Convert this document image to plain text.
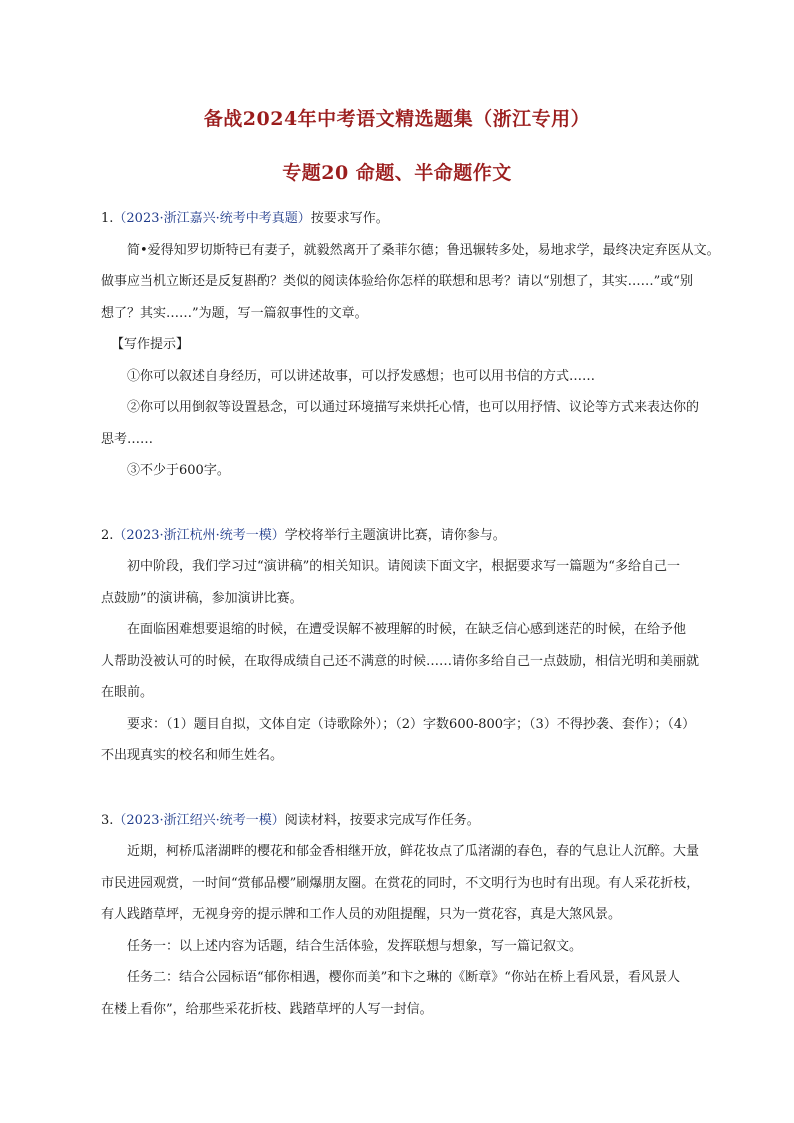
备战2024年中考语文精选题集（浙江专用）
专题20 命题、半命题作文
1.（2023·浙江嘉兴·统考中考真题）按要求写作。
简•爱得知罗切斯特已有妻子，就毅然离开了桑菲尔德；鲁迅辗转多处，易地求学，最终决定弃医从文。
做事应当机立断还是反复斟酌？类似的阅读体验给你怎样的联想和思考？请以“别想了，其实……”或“别
想了？其实……”为题，写一篇叙事性的文章。
【写作提示】
①你可以叙述自身经历，可以讲述故事，可以抒发感想；也可以用书信的方式……
②你可以用倒叙等设置悬念，可以通过环境描写来烘托心情，也可以用抒情、议论等方式来表达你的
思考……
③不少于600字。
2.（2023·浙江杭州·统考一模）学校将举行主题演讲比赛，请你参与。
初中阶段，我们学习过“演讲稿”的相关知识。请阅读下面文字，根据要求写一篇题为“多给自己一
点鼓励”的演讲稿，参加演讲比赛。
在面临困难想要退缩的时候，在遭受误解不被理解的时候，在缺乏信心感到迷茫的时候，在给予他
人帮助没被认可的时候，在取得成绩自己还不满意的时候……请你多给自己一点鼓励，相信光明和美丽就
在眼前。
要求：（1）题目自拟，文体自定（诗歌除外）；（2）字数600-800字；（3）不得抄袭、套作）；（4）
不出现真实的校名和师生姓名。
3.（2023·浙江绍兴·统考一模）阅读材料，按要求完成写作任务。
近期，柯桥瓜渚湖畔的樱花和郁金香相继开放，鲜花妆点了瓜渚湖的春色，春的气息让人沉醉。大量
市民进园观赏，一时间“赏郁品樱”刷爆朋友圈。在赏花的同时，不文明行为也时有出现。有人采花折枝，
有人践踏草坪，无视身旁的提示牌和工作人员的劝阻提醒，只为一赏花容，真是大煞风景。
任务一：以上述内容为话题，结合生活体验，发挥联想与想象，写一篇记叙文。
任务二：结合公园标语“郁你相遇，樱你而美”和卞之琳的《断章》“你站在桥上看风景，看风景人
在楼上看你”，给那些采花折枝、践踏草坪的人写一封信。
